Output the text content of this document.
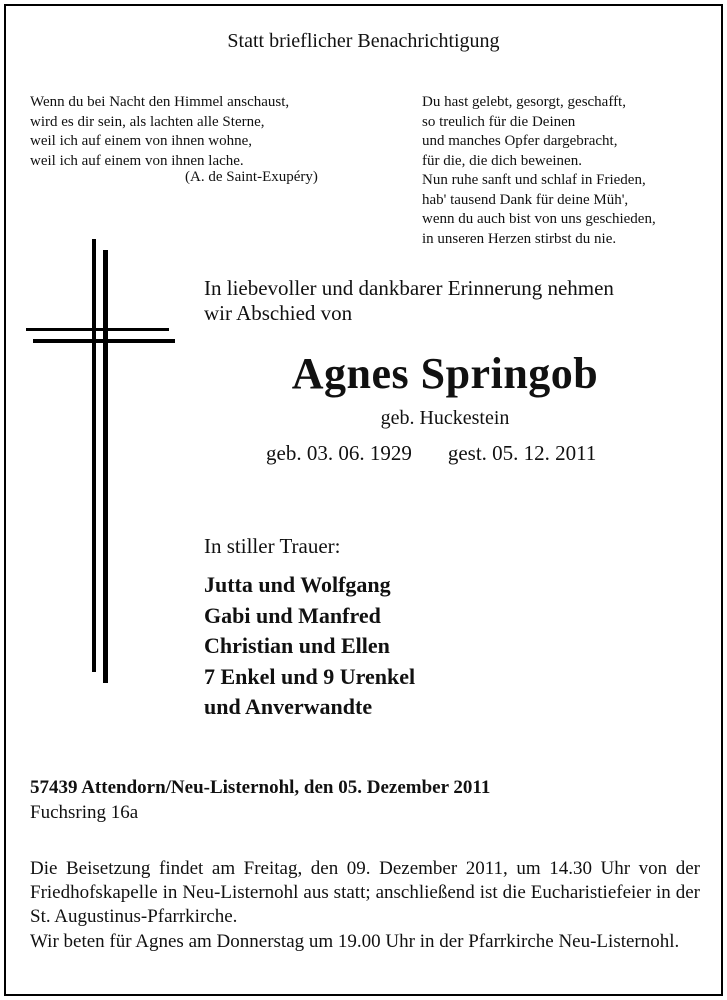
Statt brieflicher Benachrichtigung
Wenn du bei Nacht den Himmel anschaust,
wird es dir sein, als lachten alle Sterne,
weil ich auf einem von ihnen wohne,
weil ich auf einem von ihnen lache.
(A. de Saint-Exupéry)
Du hast gelebt, gesorgt, geschafft,
so treulich für die Deinen
und manches Opfer dargebracht,
für die, die dich beweinen.
Nun ruhe sanft und schlaf in Frieden,
hab' tausend Dank für deine Müh',
wenn du auch bist von uns geschieden,
in unseren Herzen stirbst du nie.
In liebevoller und dankbarer Erinnerung nehmen
wir Abschied von
Agnes Springob
geb. Huckestein
geb. 03. 06. 1929 gest. 05. 12. 2011
In stiller Trauer:
Jutta und Wolfgang
Gabi und Manfred
Christian und Ellen
7 Enkel und 9 Urenkel
und Anverwandte
57439 Attendorn/Neu-Listernohl, den 05. Dezember 2011
Fuchsring 16a
Die Beisetzung findet am Freitag, den 09. Dezember 2011, um 14.30 Uhr von der Friedhofskapelle in Neu-Listernohl aus statt; anschließend ist die Eucharistiefeier in der St. Augustinus-Pfarrkirche.
Wir beten für Agnes am Donnerstag um 19.00 Uhr in der Pfarrkirche Neu-Listernohl.
